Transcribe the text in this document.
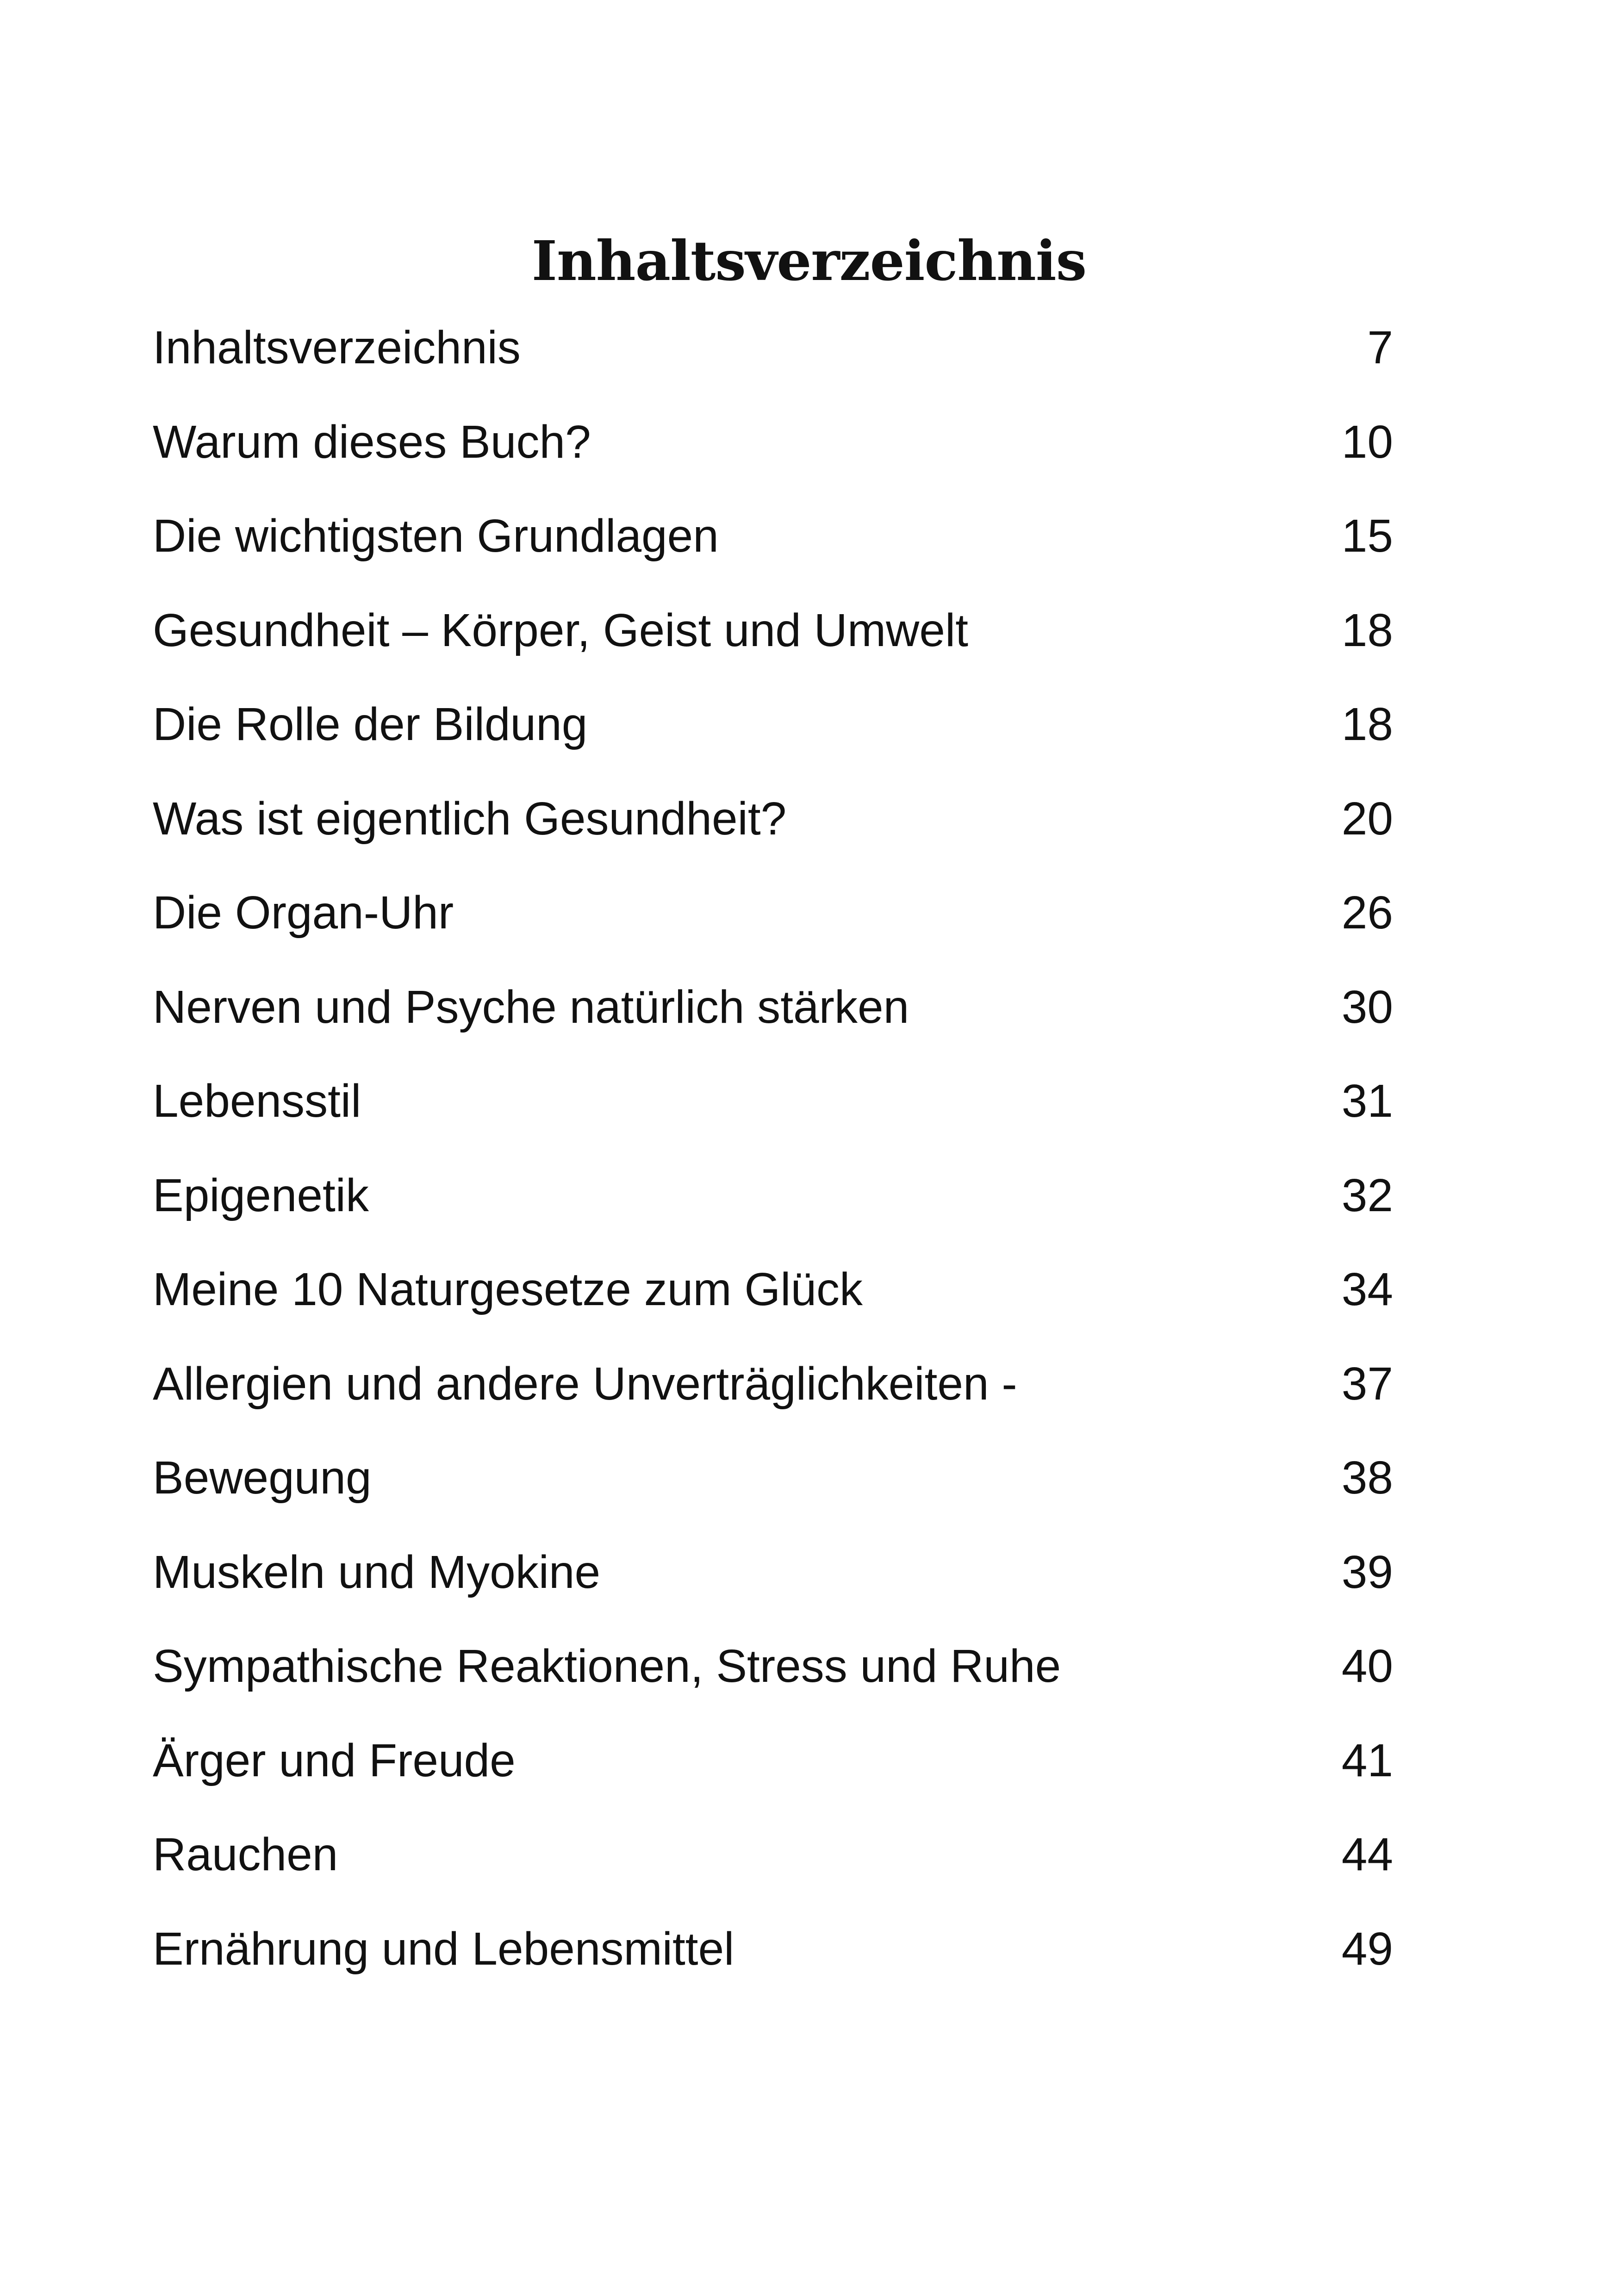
Inhaltsverzeichnis
Inhaltsverzeichnis	7
Warum dieses Buch?	10
Die wichtigsten Grundlagen	15
Gesundheit – Körper, Geist und Umwelt	18
Die Rolle der Bildung	18
Was ist eigentlich Gesundheit?	20
Die Organ-Uhr	26
Nerven und Psyche natürlich stärken	30
Lebensstil	31
Epigenetik	32
Meine 10 Naturgesetze zum Glück	34
Allergien und andere Unverträglichkeiten -	37
Bewegung	38
Muskeln und Myokine	39
Sympathische Reaktionen, Stress und Ruhe	40
Ärger und Freude	41
Rauchen	44
Ernährung und Lebensmittel	49
